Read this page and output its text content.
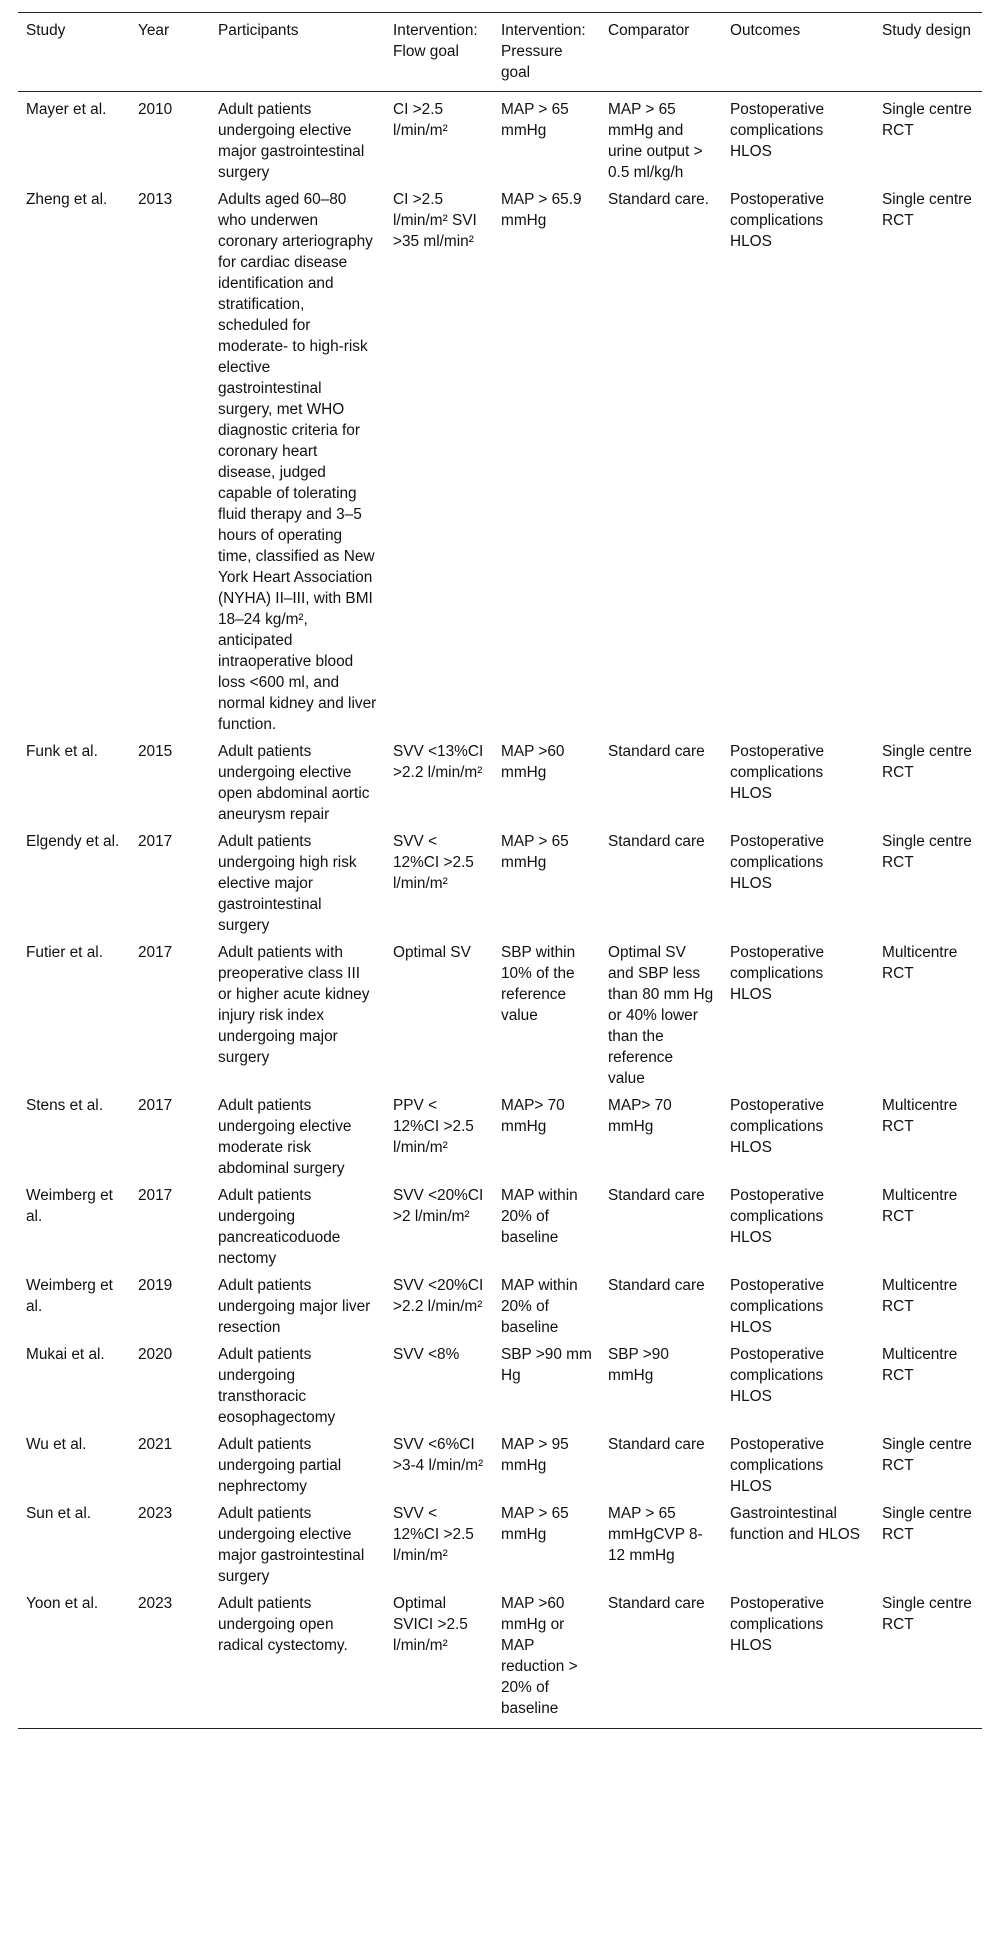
Study	Year	Participants	Intervention: Flow goal	Intervention: Pressure goal	Comparator	Outcomes	Study design
Mayer et al.	2010	Adult patients undergoing elective major gastrointestinal surgery	CI >2.5 l/min/m²	MAP > 65 mmHg	MAP > 65 mmHg and urine output > 0.5 ml/kg/h	Postoperative complications HLOS	Single centre RCT
Zheng et al.	2013	Adults aged 60–80 who underwen coronary arteriography for cardiac disease identification and stratification, scheduled for moderate- to high-risk elective gastrointestinal surgery, met WHO diagnostic criteria for coronary heart disease, judged capable of tolerating fluid therapy and 3–5 hours of operating time, classified as New York Heart Association (NYHA) II–III, with BMI 18–24 kg/m², anticipated intraoperative blood loss <600 ml, and normal kidney and liver function.	CI >2.5 l/min/m² SVI >35 ml/min²	MAP > 65.9 mmHg	Standard care.	Postoperative complications HLOS	Single centre RCT
Funk et al.	2015	Adult patients undergoing elective open abdominal aortic aneurysm repair	SVV <13%CI >2.2 l/min/m²	MAP >60 mmHg	Standard care	Postoperative complications HLOS	Single centre RCT
Elgendy et al.	2017	Adult patients undergoing high risk elective major gastrointestinal surgery	SVV < 12%CI >2.5 l/min/m²	MAP > 65 mmHg	Standard care	Postoperative complications HLOS	Single centre RCT
Futier et al.	2017	Adult patients with preoperative class III or higher acute kidney injury risk index undergoing major surgery	Optimal SV	SBP within 10% of the reference value	Optimal SV and SBP less than 80 mm Hg or 40% lower than the reference value	Postoperative complications HLOS	Multicentre RCT
Stens et al.	2017	Adult patients undergoing elective moderate risk abdominal surgery	PPV < 12%CI >2.5 l/min/m²	MAP> 70 mmHg	MAP> 70 mmHg	Postoperative complications HLOS	Multicentre RCT
Weimberg et al.	2017	Adult patients undergoing pancreaticoduode nectomy	SVV <20%CI >2 l/min/m²	MAP within 20% of baseline	Standard care	Postoperative complications HLOS	Multicentre RCT
Weimberg et al.	2019	Adult patients undergoing major liver resection	SVV <20%CI >2.2 l/min/m²	MAP within 20% of baseline	Standard care	Postoperative complications HLOS	Multicentre RCT
Mukai et al.	2020	Adult patients undergoing transthoracic eosophagectomy	SVV <8%	SBP >90 mm Hg	SBP >90 mmHg	Postoperative complications HLOS	Multicentre RCT
Wu et al.	2021	Adult patients undergoing partial nephrectomy	SVV <6%CI >3-4 l/min/m²	MAP > 95 mmHg	Standard care	Postoperative complications HLOS	Single centre RCT
Sun et al.	2023	Adult patients undergoing elective major gastrointestinal surgery	SVV < 12%CI >2.5 l/min/m²	MAP > 65 mmHg	MAP > 65 mmHgCVP 8-12 mmHg	Gastrointestinal function and HLOS	Single centre RCT
Yoon et al.	2023	Adult patients undergoing open radical cystectomy.	Optimal SVICI >2.5 l/min/m²	MAP >60 mmHg or MAP reduction > 20% of baseline	Standard care	Postoperative complications HLOS	Single centre RCT
